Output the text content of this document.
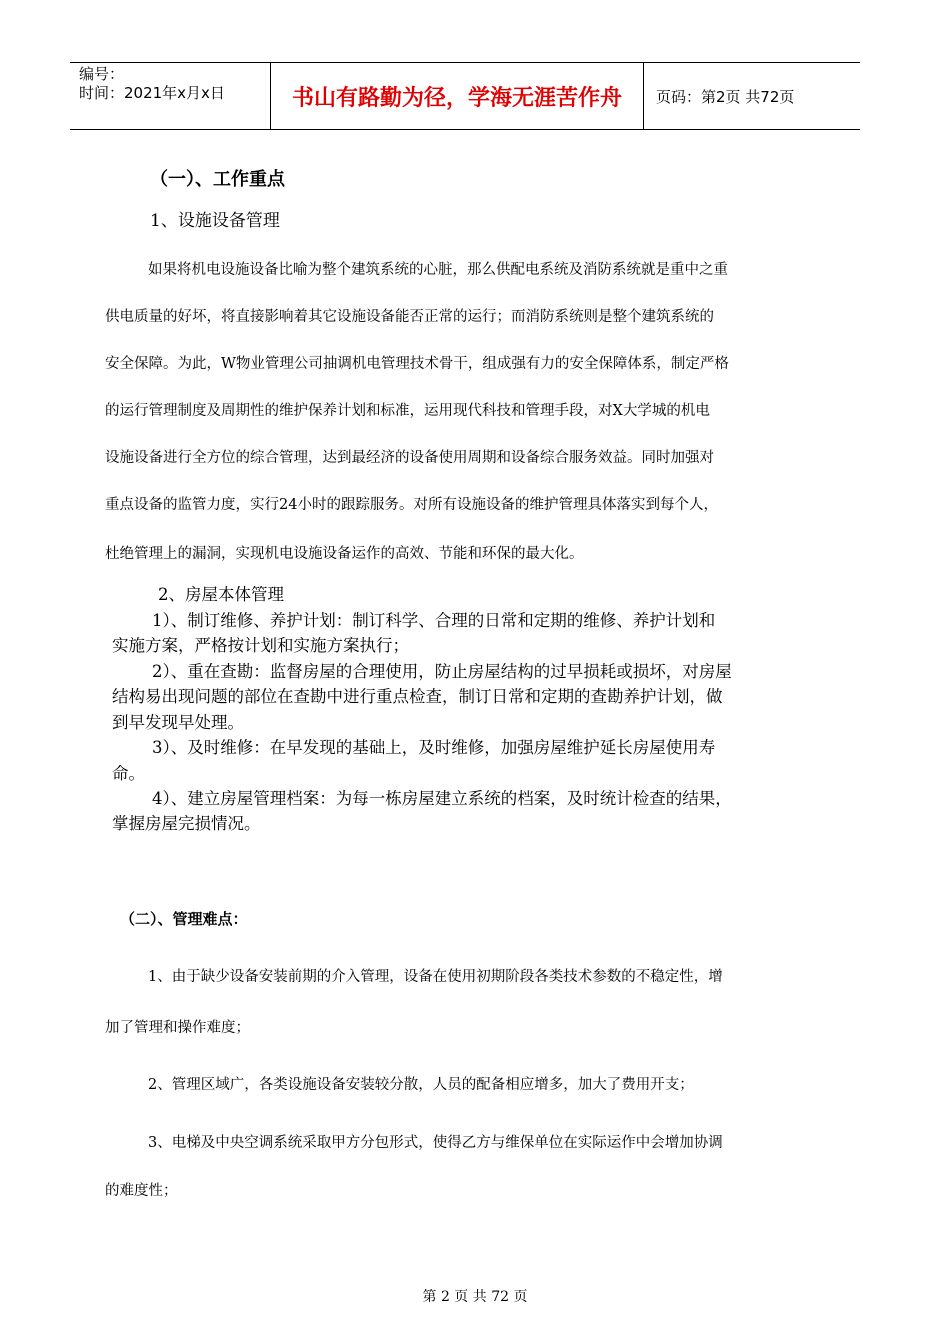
编号：
时间：2021年x月x日	书山有路勤为径，学海无涯苦作舟	页码：第2页 共72页
（一）、工作重点
1、设施设备管理
如果将机电设施设备比喻为整个建筑系统的心脏，那么供配电系统及消防系统就是重中之重
供电质量的好坏，将直接影响着其它设施设备能否正常的运行；而消防系统则是整个建筑系统的
安全保障。为此，W物业管理公司抽调机电管理技术骨干，组成强有力的安全保障体系，制定严格
的运行管理制度及周期性的维护保养计划和标准，运用现代科技和管理手段，对X大学城的机电
设施设备进行全方位的综合管理，达到最经济的设备使用周期和设备综合服务效益。同时加强对
重点设备的监管力度，实行24小时的跟踪服务。对所有设施设备的维护管理具体落实到每个人，
杜绝管理上的漏洞，实现机电设施设备运作的高效、节能和环保的最大化。
2、房屋本体管理
1）、制订维修、养护计划：制订科学、合理的日常和定期的维修、养护计划和
实施方案，严格按计划和实施方案执行；
2）、重在查勘：监督房屋的合理使用，防止房屋结构的过早损耗或损坏，对房屋
结构易出现问题的部位在查勘中进行重点检查，制订日常和定期的查勘养护计划，做
到早发现早处理。
3）、及时维修：在早发现的基础上，及时维修，加强房屋维护延长房屋使用寿
命。
4）、建立房屋管理档案：为每一栋房屋建立系统的档案，及时统计检查的结果，
掌握房屋完损情况。
（二）、管理难点：
1、由于缺少设备安装前期的介入管理，设备在使用初期阶段各类技术参数的不稳定性，增
加了管理和操作难度；
2、管理区域广，各类设施设备安装较分散，人员的配备相应增多，加大了费用开支；
3、电梯及中央空调系统采取甲方分包形式，使得乙方与维保单位在实际运作中会增加协调
的难度性；
第 2 页 共 72 页
